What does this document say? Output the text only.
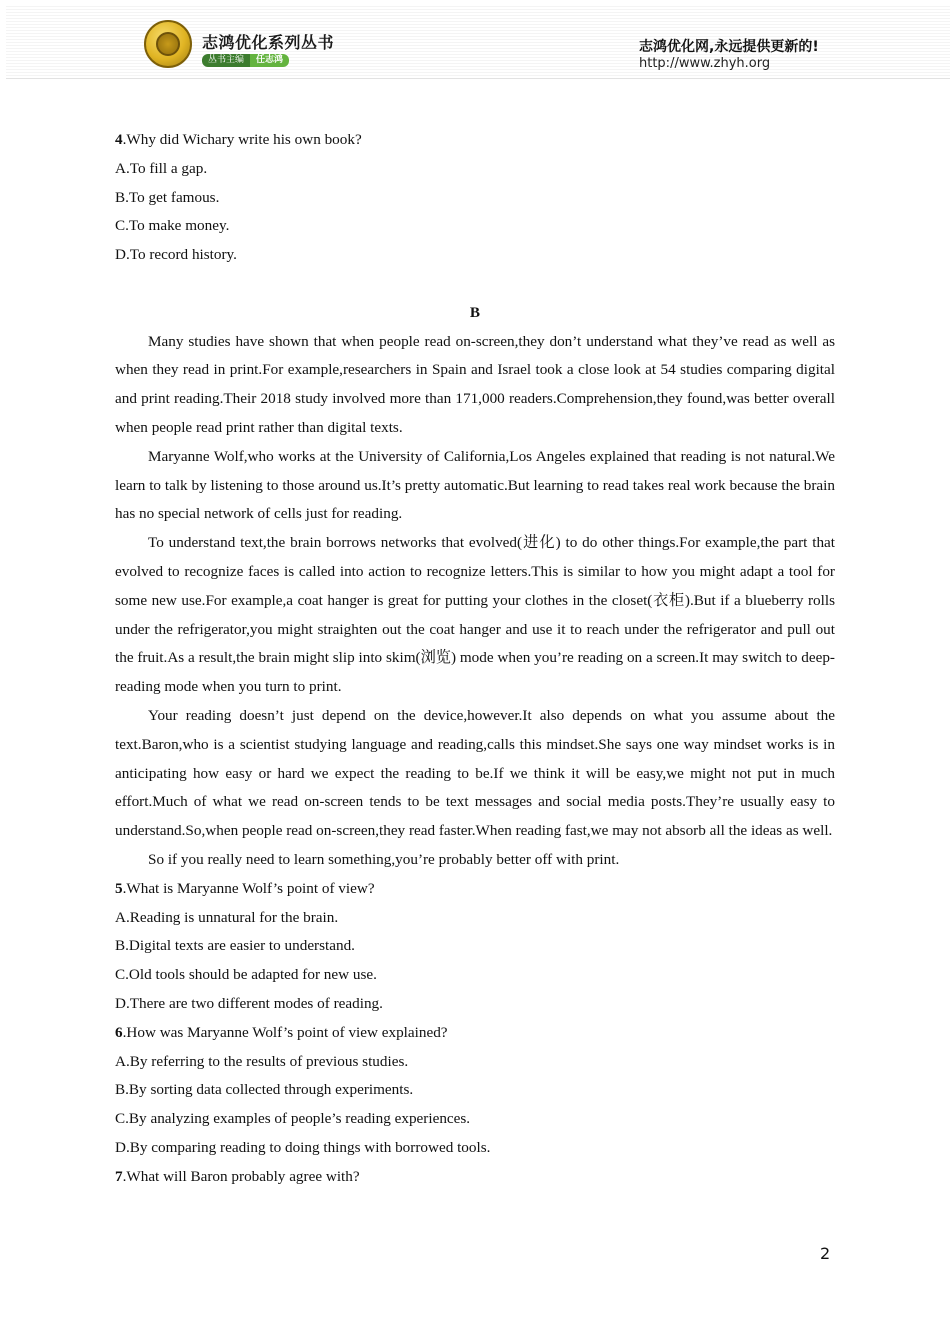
志鸿优化系列丛书
丛书主编	任志鸿
志鸿优化网,永远提供更新的!
http://www.zhyh.org

4.Why did Wichary write his own book?

A.To fill a gap.

B.To get famous.

C.To make money.

D.To record history.

B

Many studies have shown that when people read on-screen,they don’t understand what they’ve read as well as when they read in print.For example,researchers in Spain and Israel took a close look at 54 studies comparing digital and print reading.Their 2018 study involved more than 171,000 readers.Comprehension,they found,was better overall when people read print rather than digital texts.

Maryanne Wolf,who works at the University of California,Los Angeles explained that reading is not natural.We learn to talk by listening to those around us.It’s pretty automatic.But learning to read takes real work because the brain has no special network of cells just for reading.

To understand text,the brain borrows networks that evolved(进化) to do other things.For example,the part that evolved to recognize faces is called into action to recognize letters.This is similar to how you might adapt a tool for some new use.For example,a coat hanger is great for putting your clothes in the closet(衣柜).But if a blueberry rolls under the refrigerator,you might straighten out the coat hanger and use it to reach under the refrigerator and pull out the fruit.As a result,the brain might slip into skim(浏览) mode when you’re reading on a screen.It may switch to deep-reading mode when you turn to print.

Your reading doesn’t just depend on the device,however.It also depends on what you assume about the text.Baron,who is a scientist studying language and reading,calls this mindset.She says one way mindset works is in anticipating how easy or hard we expect the reading to be.If we think it will be easy,we might not put in much effort.Much of what we read on-screen tends to be text messages and social media posts.They’re usually easy to understand.So,when people read on-screen,they read faster.When reading fast,we may not absorb all the ideas as well.

So if you really need to learn something,you’re probably better off with print.

5.What is Maryanne Wolf’s point of view?

A.Reading is unnatural for the brain.

B.Digital texts are easier to understand.

C.Old tools should be adapted for new use.

D.There are two different modes of reading.

6.How was Maryanne Wolf’s point of view explained?

A.By referring to the results of previous studies.

B.By sorting data collected through experiments.

C.By analyzing examples of people’s reading experiences.

D.By comparing reading to doing things with borrowed tools.

7.What will Baron probably agree with?

2
